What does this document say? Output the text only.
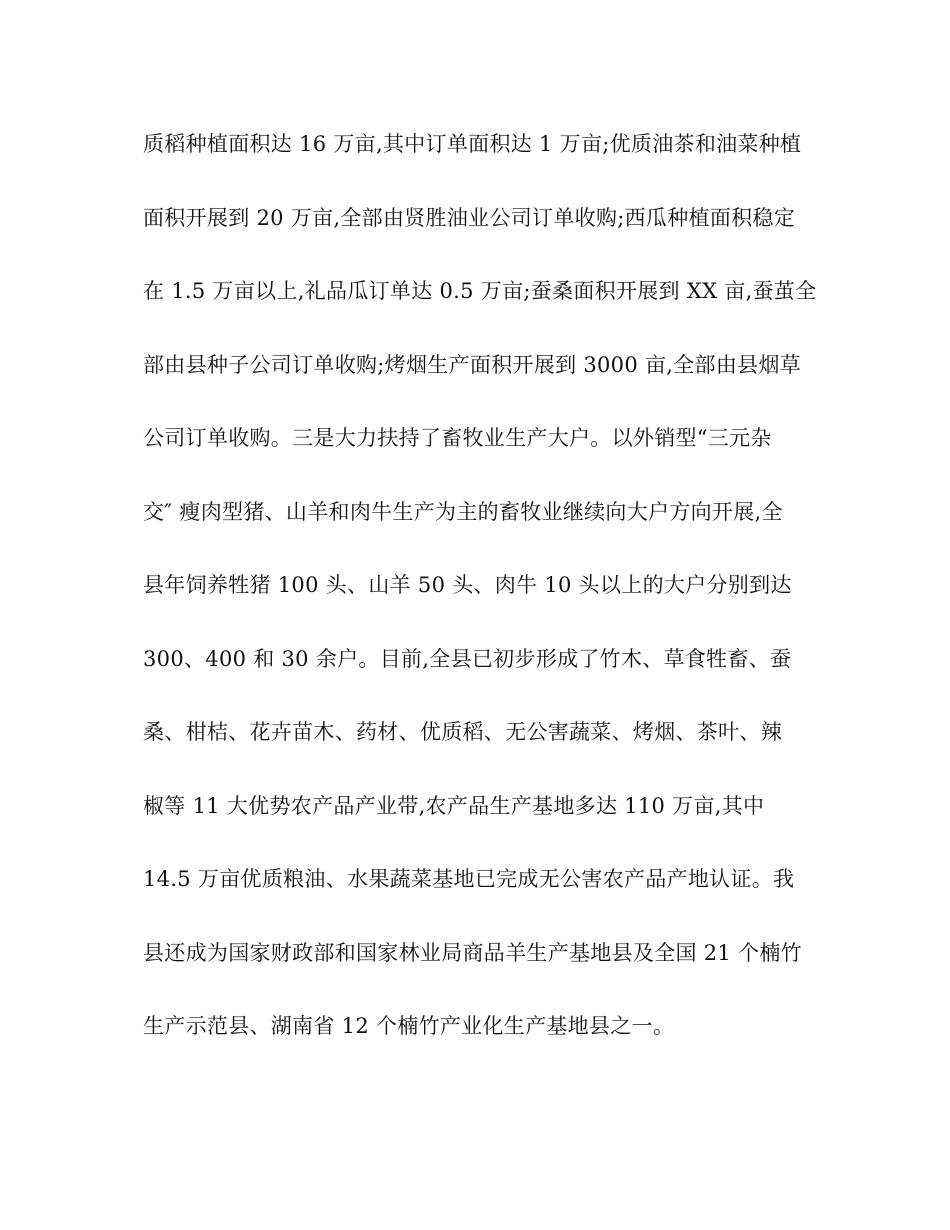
质稻种植面积达 16 万亩,其中订单面积达 1 万亩;优质油茶和油菜种植
面积开展到 20 万亩,全部由贤胜油业公司订单收购;西瓜种植面积稳定
在 1.5 万亩以上,礼品瓜订单达 0.5 万亩;蚕桑面积开展到 XX 亩,蚕茧全
部由县种子公司订单收购;烤烟生产面积开展到 3000 亩,全部由县烟草
公司订单收购。三是大力扶持了畜牧业生产大户。以外销型“三元杂
交″ 瘦肉型猪、山羊和肉牛生产为主的畜牧业继续向大户方向开展,全
县年饲养牲猪 100 头、山羊 50 头、肉牛 10 头以上的大户分别到达
300、400 和 30 余户。目前,全县已初步形成了竹木、草食牲畜、蚕
桑、柑桔、花卉苗木、药材、优质稻、无公害蔬菜、烤烟、茶叶、辣
椒等 11 大优势农产品产业带,农产品生产基地多达 110 万亩,其中
14.5 万亩优质粮油、水果蔬菜基地已完成无公害农产品产地认证。我
县还成为国家财政部和国家林业局商品羊生产基地县及全国 21 个楠竹
生产示范县、湖南省 12 个楠竹产业化生产基地县之一。
